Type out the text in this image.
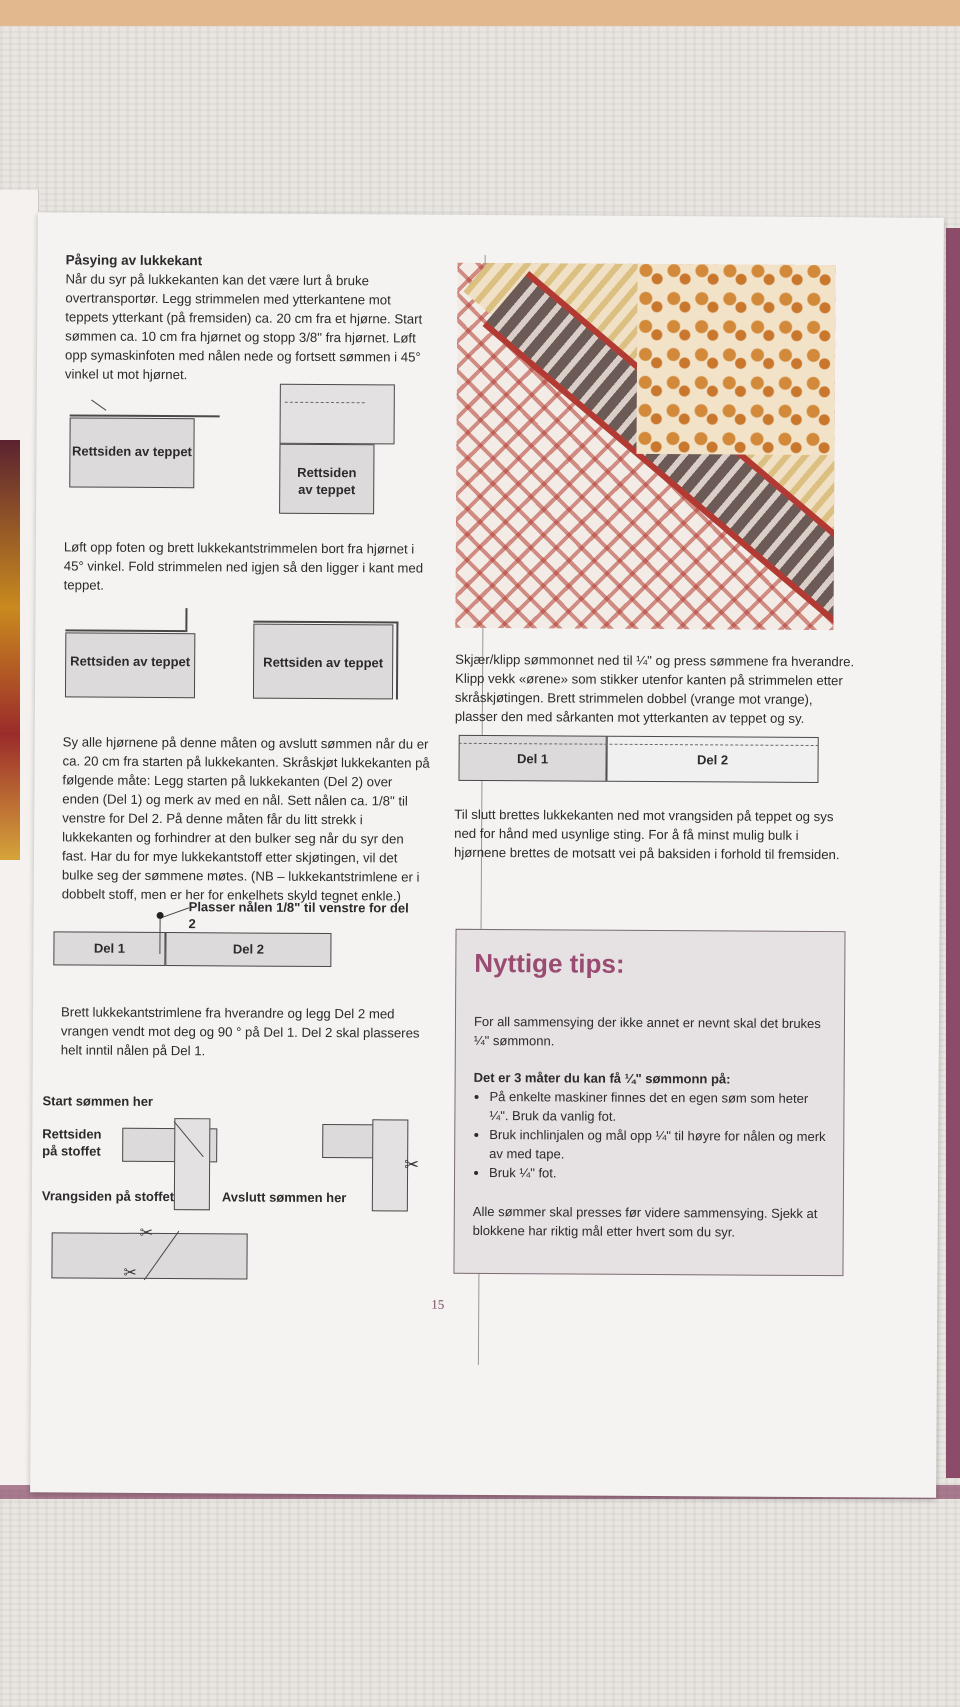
Påsying av lukkekant
Når du syr på lukkekanten kan det være lurt å bruke overtransportør. Legg strimmelen med ytterkantene mot teppets ytterkant (på fremsiden) ca. 20 cm fra et hjørne. Start sømmen ca. 10 cm fra hjørnet og stopp 3/8" fra hjørnet. Løft opp symaskinfoten med nålen nede og fortsett sømmen i 45° vinkel ut mot hjørnet.
Rettsiden av teppet
Rettsiden
av teppet
Løft opp foten og brett lukkekantstrimmelen bort fra hjørnet i 45° vinkel. Fold strimmelen ned igjen så den ligger i kant med teppet.
Rettsiden av teppet	Rettsiden av teppet
Sy alle hjørnene på denne måten og avslutt sømmen når du er ca. 20 cm fra starten på lukkekanten. Skråskjøt lukkekanten på følgende måte: Legg starten på lukkekanten (Del 2) over enden (Del 1) og merk av med en nål. Sett nålen ca. 1/8" til venstre for Del 2. På denne måten får du litt strekk i lukkekanten og forhindrer at den bulker seg når du syr den fast. Har du for mye lukkekantstoff etter skjøtingen, vil det bulke seg der sømmene møtes. (NB – lukkekantstrimlene er i dobbelt stoff, men er her for enkelhets skyld tegnet enkle.)
Plasser nålen 1/8" til venstre for del 2
Del 1	Del 2
Brett lukkekantstrimlene fra hverandre og legg Del 2 med vrangen vendt mot deg og 90 ° på Del 1. Del 2 skal plasseres helt inntil nålen på Del 1.
Start sømmen her
Rettsiden
på stoffet
Vrangsiden på stoffet	Avslutt sømmen her
✂
✂
✂
Skjær/klipp sømmonnet ned til ¼" og press sømmene fra hverandre. Klipp vekk «ørene» som stikker utenfor kanten på strimmelen etter skråskjøtingen. Brett strimmelen dobbel (vrange mot vrange), plasser den med sårkanten mot ytterkanten av teppet og sy.
Del 1	Del 2
Til slutt brettes lukkekanten ned mot vrangsiden på teppet og sys ned for hånd med usynlige sting. For å få minst mulig bulk i hjørnene brettes de motsatt vei på baksiden i forhold til fremsiden.
Nyttige tips:
For all sammensying der ikke annet er nevnt skal det brukes ¼" sømmonn.
Det er 3 måter du kan få ¼" sømmonn på:
• På enkelte maskiner finnes det en egen søm som heter ¼". Bruk da vanlig fot.
• Bruk inchlinjalen og mål opp ¼" til høyre for nålen og merk av med tape.
• Bruk ¼" fot.
Alle sømmer skal presses før videre sammensying. Sjekk at blokkene har riktig mål etter hvert som du syr.
15
